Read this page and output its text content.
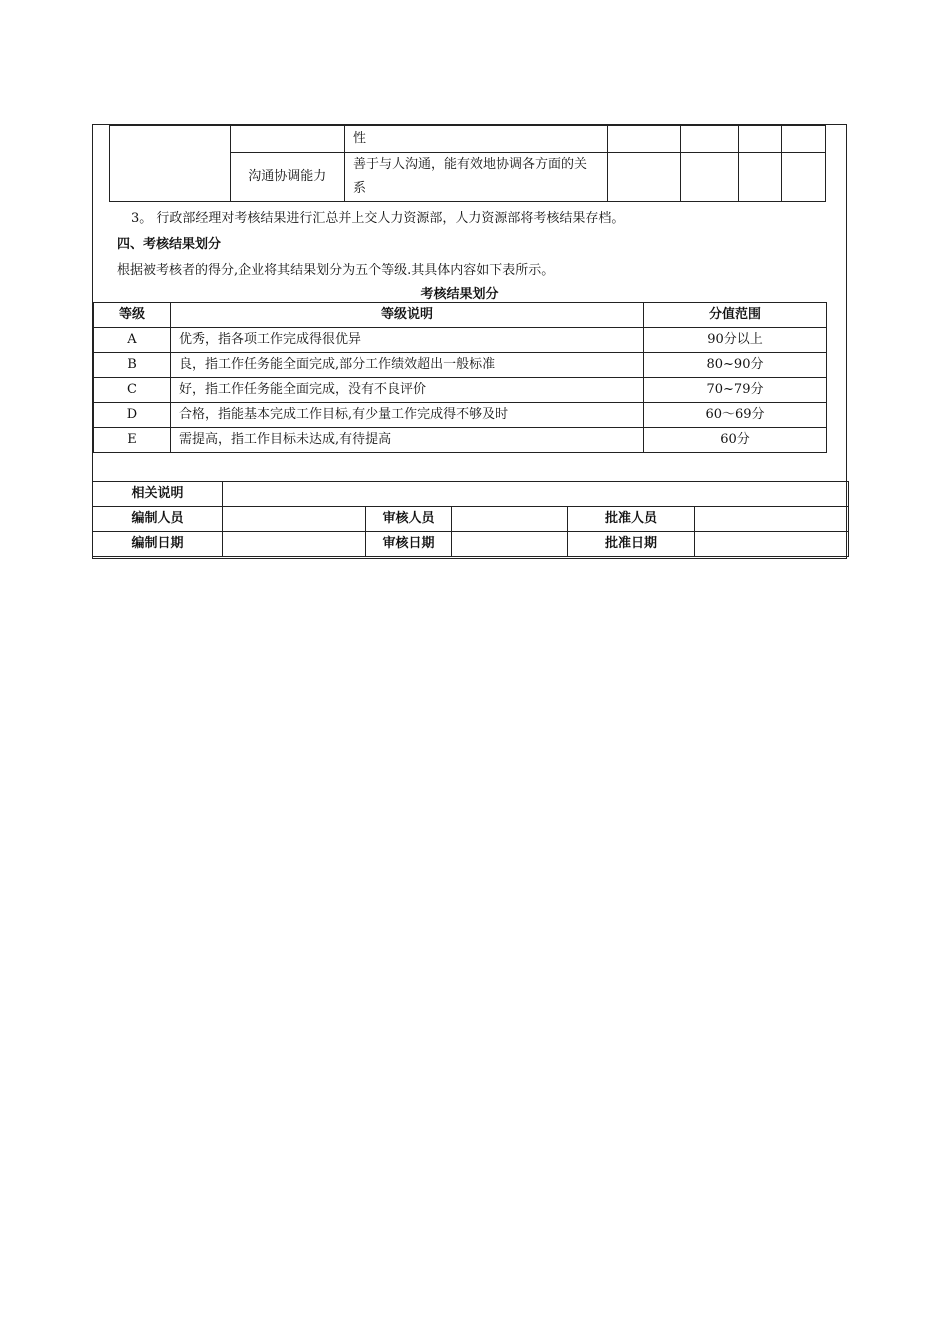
		性				
	沟通协调能力	善于与人沟通，能有效地协调各方面的关系				
3。 行政部经理对考核结果进行汇总并上交人力资源部，人力资源部将考核结果存档。
四、考核结果划分
根据被考核者的得分,企业将其结果划分为五个等级.其具体内容如下表所示。
考核结果划分
等级	等级说明	分值范围
A	优秀，指各项工作完成得很优异	90分以上
B	良，指工作任务能全面完成,部分工作绩效超出一般标准	80~90分
C	好，指工作任务能全面完成，没有不良评价	70~79分
D	合格，指能基本完成工作目标,有少量工作完成得不够及时	60～69分
E	需提高，指工作目标未达成,有待提高	60分
相关说明					
编制人员		审核人员		批准人员	
编制日期		审核日期		批准日期	
